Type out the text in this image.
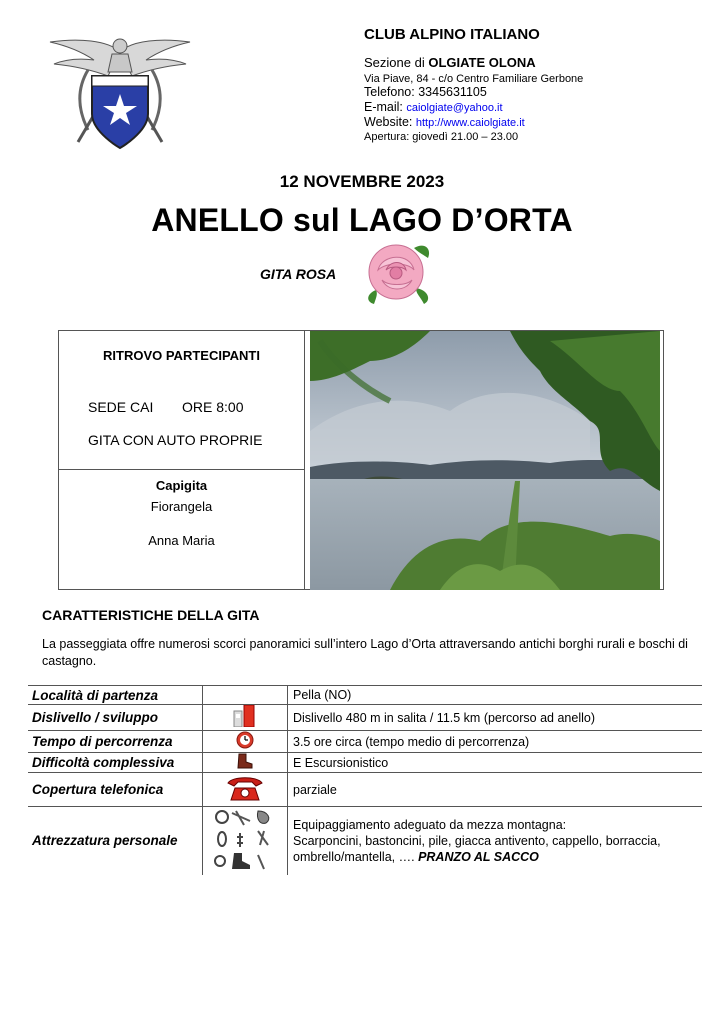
CLUB ALPINO ITALIANO
Sezione di OLGIATE OLONA
Via Piave, 84 - c/o Centro Familiare Gerbone
Telefono: 3345631105
E-mail: caiolgiate@yahoo.it
Website: http://www.caiolgiate.it
Apertura: giovedì 21.00 – 23.00
12 NOVEMBRE 2023
ANELLO sul LAGO D’ORTA
GITA ROSA
RITROVO PARTECIPANTI
SEDE CAI ORE 8:00
GITA CON AUTO PROPRIE
Capigita
Fiorangela
Anna Maria
CARATTERISTICHE DELLA GITA
La passeggiata offre numerosi scorci panoramici sull’intero Lago d’Orta attraversando antichi borghi rurali e boschi di castagno.
Località di partenza		Pella (NO)
Dislivello / sviluppo		Dislivello 480 m in salita / 11.5 km (percorso ad anello)
Tempo di percorrenza		3.5 ore circa (tempo medio di percorrenza)
Difficoltà complessiva		E Escursionistico
Copertura telefonica		parziale
Attrezzatura personale		Equipaggiamento adeguato da mezza montagna:
Scarponcini, bastoncini, pile, giacca antivento, cappello, borraccia,
ombrello/mantella, …. PRANZO AL SACCO
